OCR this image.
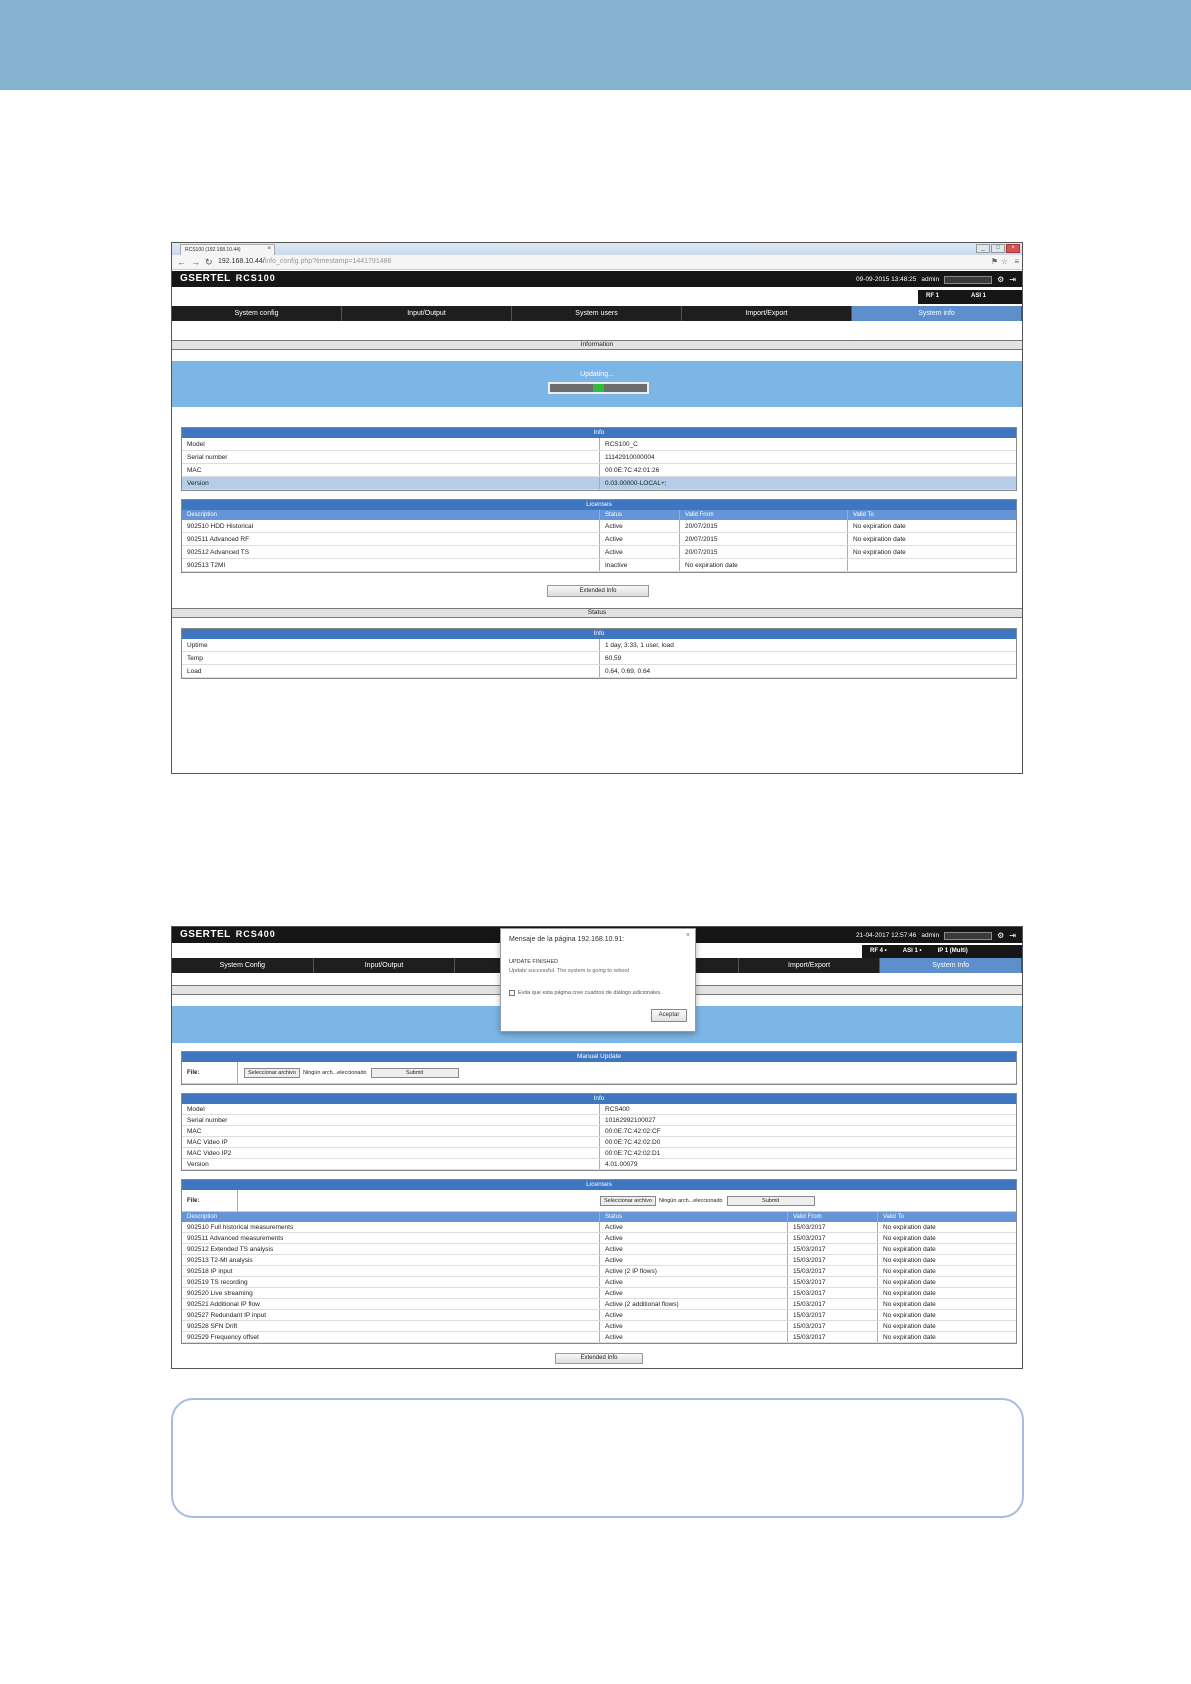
RCS100 (192.168.10.44)	×	_	□	×
← → ↻ 192.168.10.44/info_config.php?timestamp=1441791486	⚑ ☆ ≡
GSERTEL RCS100	09-09-2015 13:48:25 admin	⚙ ⇥
RF 1	ASI 1
System config	Input/Output	System users	Import/Export	System info
Information
Updating...
Info
Model	RCS100_C
Serial number	11142910000004
MAC	00:0E:7C:42:01:26
Version	0.03.00000-LOCAL+;
Licenses
Description	Status	Valid From	Valid To
902510 HDD Historical	Active	20/07/2015	No expiration date
902511 Advanced RF	Active	20/07/2015	No expiration date
902512 Advanced TS	Active	20/07/2015	No expiration date
902513 T2MI	Inactive	No expiration date
Extended Info
Status
Info
Uptime	1 day, 3:33, 1 user, load
Temp	60,59
Load	0.64, 0.69, 0.64
GSERTEL RCS400	21-04-2017 12:57:46 admin	⚙ ⇥
RF 4 •	ASI 1 •	IP 1 (Multi)
System Config	Input/Output	Import/Export	System Info
Manual Update
File:	Seleccionar archivo	Ningún arch...eleccionado	Submit
Info
Model	RCS400
Serial number	10162992100027
MAC	00:0E:7C:42:02:CF
MAC Video IP	00:0E:7C:42:02:D0
MAC Video IP2	00:0E:7C:42:02:D1
Version	4.01.00079
Licenses
File:	Seleccionar archivo	Ningún arch...eleccionado	Submit
Description	Status	Valid From	Valid To
902510 Full historical measurements	Active	15/03/2017	No expiration date
902511 Advanced measurements	Active	15/03/2017	No expiration date
902512 Extended TS analysis	Active	15/03/2017	No expiration date
902513 T2-MI analysis	Active	15/03/2017	No expiration date
902518 IP input	Active (2 IP flows)	15/03/2017	No expiration date
902519 TS recording	Active	15/03/2017	No expiration date
902520 Live streaming	Active	15/03/2017	No expiration date
902521 Additional IP flow	Active (2 additional flows)	15/03/2017	No expiration date
902527 Redundant IP input	Active	15/03/2017	No expiration date
902528 SFN Drift	Active	15/03/2017	No expiration date
902529 Frequency offset	Active	15/03/2017	No expiration date
Extended Info
Mensaje de la página 192.168.10.91:
×
UPDATE FINISHED
Update successful. The system is going to reboot
Evita que esta página cree cuadros de diálogo adicionales.
Aceptar
